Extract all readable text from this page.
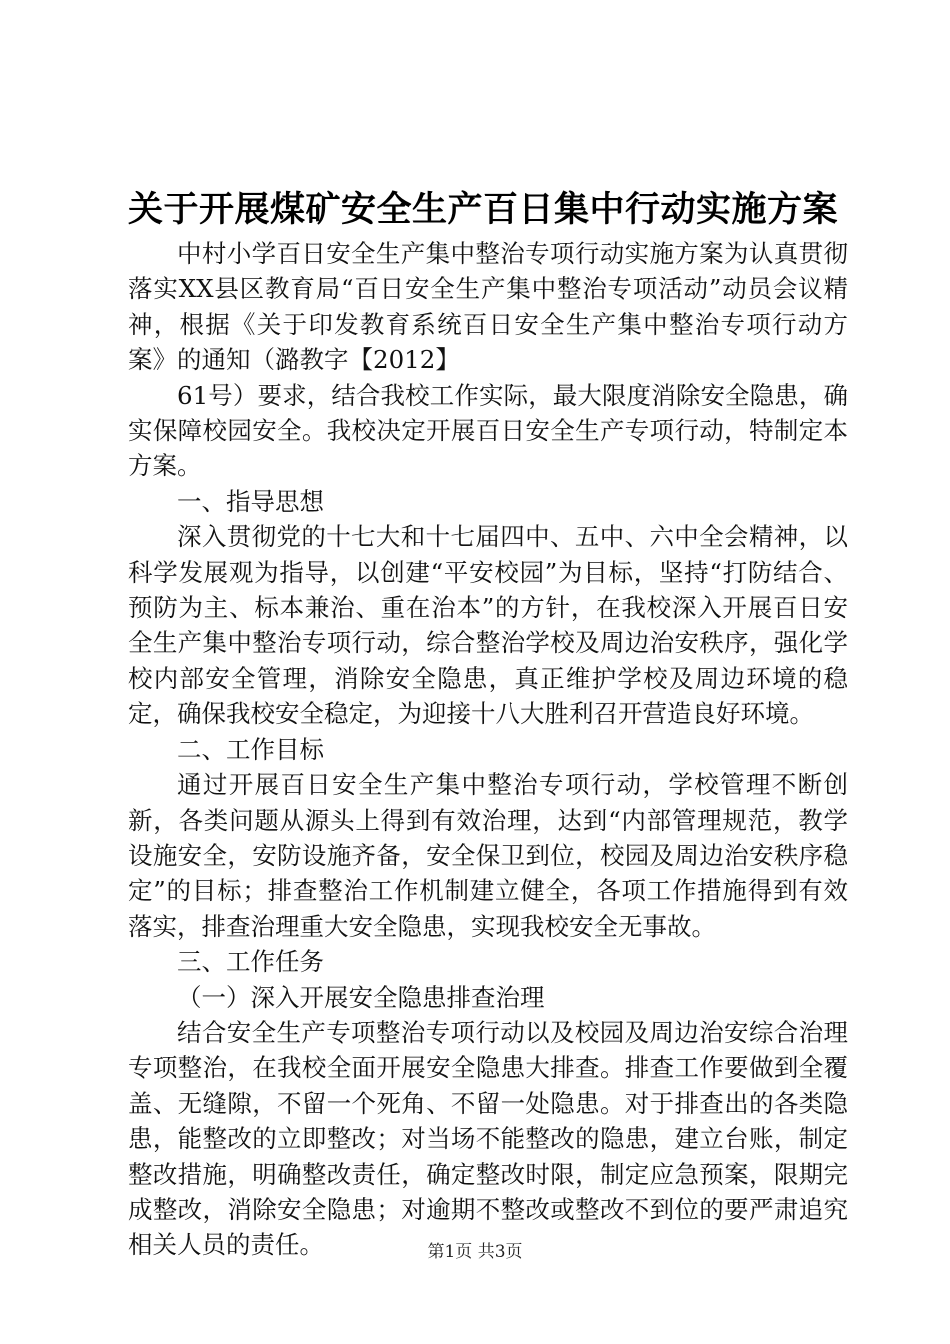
关于开展煤矿安全生产百日集中行动实施方案

中村小学百日安全生产集中整治专项行动实施方案为认真贯彻落实XX县区教育局“百日安全生产集中整治专项活动”动员会议精神，根据《关于印发教育系统百日安全生产集中整治专项行动方案》的通知（潞教字【2012】

61号）要求，结合我校工作实际，最大限度消除安全隐患，确实保障校园安全。我校决定开展百日安全生产专项行动，特制定本方案。

一、指导思想

深入贯彻党的十七大和十七届四中、五中、六中全会精神，以科学发展观为指导，以创建“平安校园”为目标，坚持“打防结合、预防为主、标本兼治、重在治本”的方针，在我校深入开展百日安全生产集中整治专项行动，综合整治学校及周边治安秩序，强化学校内部安全管理，消除安全隐患，真正维护学校及周边环境的稳定，确保我校安全稳定，为迎接十八大胜利召开营造良好环境。

二、工作目标

通过开展百日安全生产集中整治专项行动，学校管理不断创新，各类问题从源头上得到有效治理，达到“内部管理规范，教学设施安全，安防设施齐备，安全保卫到位，校园及周边治安秩序稳定”的目标；排查整治工作机制建立健全，各项工作措施得到有效落实，排查治理重大安全隐患，实现我校安全无事故。

三、工作任务

（一）深入开展安全隐患排查治理

结合安全生产专项整治专项行动以及校园及周边治安综合治理专项整治，在我校全面开展安全隐患大排查。排查工作要做到全覆盖、无缝隙，不留一个死角、不留一处隐患。对于排查出的各类隐患，能整改的立即整改；对当场不能整改的隐患，建立台账，制定整改措施，明确整改责任，确定整改时限，制定应急预案，限期完成整改，消除安全隐患；对逾期不整改或整改不到位的要严肃追究相关人员的责任。	第1页 共3页
